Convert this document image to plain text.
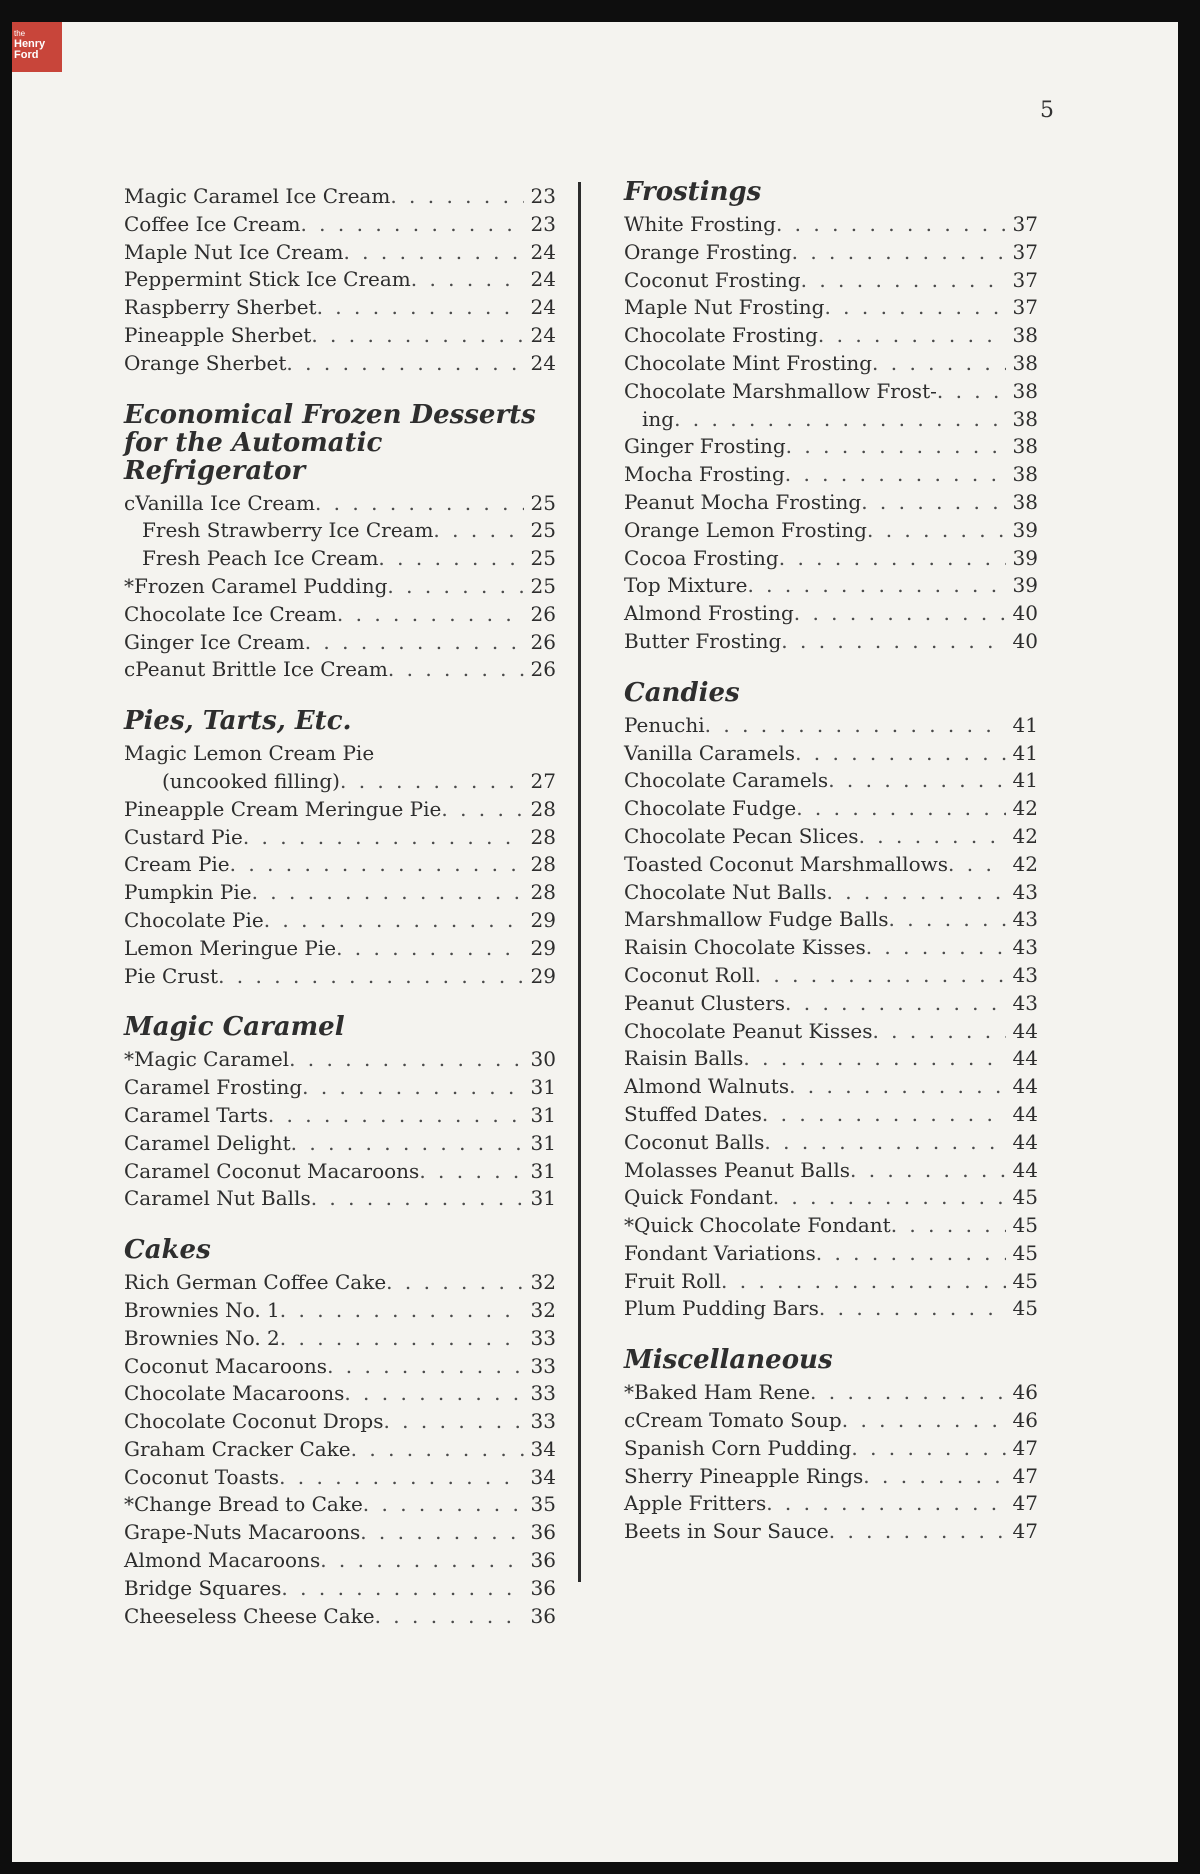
the
Henry
Ford
5
Magic Caramel Ice Cream . . .	23
Coffee Ice Cream . . .	23
Maple Nut Ice Cream . . .	24
Peppermint Stick Ice Cream . . .	24
Raspberry Sherbet . . .	24
Pineapple Sherbet . . .	24
Orange Sherbet . . .	24
Economical Frozen Desserts for the Automatic Refrigerator
cVanilla Ice Cream . . .	25
Fresh Strawberry Ice Cream . . .	25
Fresh Peach Ice Cream . . .	25
*Frozen Caramel Pudding . . .	25
Chocolate Ice Cream . . .	26
Ginger Ice Cream . . .	26
cPeanut Brittle Ice Cream . . .	26
Pies, Tarts, Etc.
Magic Lemon Cream Pie
(uncooked filling) . . .	27
Pineapple Cream Meringue Pie . . .	28
Custard Pie . . .	28
Cream Pie . . .	28
Pumpkin Pie . . .	28
Chocolate Pie . . .	29
Lemon Meringue Pie . . .	29
Pie Crust . . .	29
Magic Caramel
*Magic Caramel . . .	30
Caramel Frosting . . .	31
Caramel Tarts . . .	31
Caramel Delight . . .	31
Caramel Coconut Macaroons . . .	31
Caramel Nut Balls . . .	31
Cakes
Rich German Coffee Cake . . .	32
Brownies No. 1 . . .	32
Brownies No. 2 . . .	33
Coconut Macaroons . . .	33
Chocolate Macaroons . . .	33
Chocolate Coconut Drops . . .	33
Graham Cracker Cake . . .	34
Coconut Toasts . . .	34
*Change Bread to Cake . . .	35
Grape-Nuts Macaroons . . .	36
Almond Macaroons . . .	36
Bridge Squares . . .	36
Cheeseless Cheese Cake . . .	36
Frostings
White Frosting . . .	37
Orange Frosting . . .	37
Coconut Frosting . . .	37
Maple Nut Frosting . . .	37
Chocolate Frosting . . .	38
Chocolate Mint Frosting . . .	38
Chocolate Marshmallow Frost- . . .	38
ing . . .	38
Ginger Frosting . . .	38
Mocha Frosting . . .	38
Peanut Mocha Frosting . . .	38
Orange Lemon Frosting . . .	39
Cocoa Frosting . . .	39
Top Mixture . . .	39
Almond Frosting . . .	40
Butter Frosting . . .	40
Candies
Penuchi . . .	41
Vanilla Caramels . . .	41
Chocolate Caramels . . .	41
Chocolate Fudge . . .	42
Chocolate Pecan Slices . . .	42
Toasted Coconut Marshmallows . . .	42
Chocolate Nut Balls . . .	43
Marshmallow Fudge Balls . . .	43
Raisin Chocolate Kisses . . .	43
Coconut Roll . . .	43
Peanut Clusters . . .	43
Chocolate Peanut Kisses . . .	44
Raisin Balls . . .	44
Almond Walnuts . . .	44
Stuffed Dates . . .	44
Coconut Balls . . .	44
Molasses Peanut Balls . . .	44
Quick Fondant . . .	45
*Quick Chocolate Fondant . . .	45
Fondant Variations . . .	45
Fruit Roll . . .	45
Plum Pudding Bars . . .	45
Miscellaneous
*Baked Ham Rene . . .	46
cCream Tomato Soup . . .	46
Spanish Corn Pudding . . .	47
Sherry Pineapple Rings . . .	47
Apple Fritters . . .	47
Beets in Sour Sauce . . .	47
